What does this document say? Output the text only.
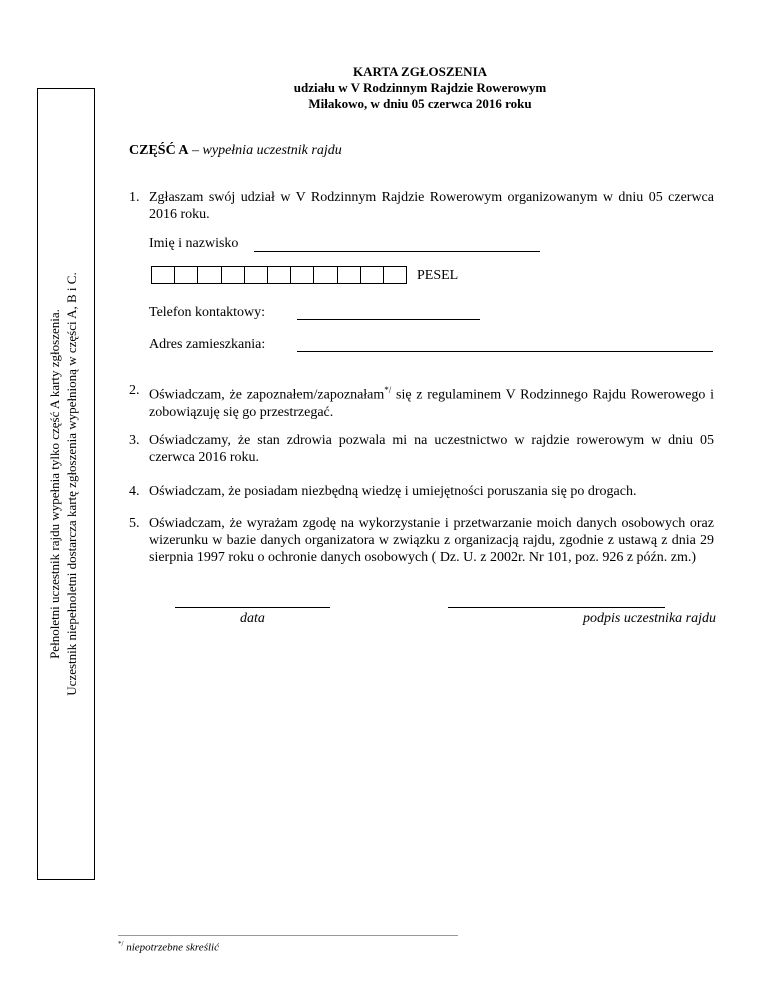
KARTA ZGŁOSZENIA
udziału w V Rodzinnym Rajdzie Rowerowym
Miłakowo, w dniu 05 czerwca 2016 roku
Pełnoletni uczestnik rajdu wypełnia tylko część A karty zgłoszenia. Uczestnik niepełnoletni dostarcza kartę zgłoszenia wypełnioną w części A, B i C.
CZĘŚĆ A – wypełnia uczestnik rajdu
1. Zgłaszam swój udział w V Rodzinnym Rajdzie Rowerowym organizowanym w dniu 05 czerwca 2016 roku.
Imię i nazwisko
PESEL
Telefon kontaktowy:
Adres zamieszkania:
2. Oświadczam, że zapoznałem/zapoznałam*/ się z regulaminem V Rodzinnego Rajdu Rowerowego i zobowiązuję się go przestrzegać.
3. Oświadczamy, że stan zdrowia pozwala mi na uczestnictwo w rajdzie rowerowym w dniu 05 czerwca 2016 roku.
4. Oświadczam, że posiadam niezbędną wiedzę i umiejętności poruszania się po drogach.
5. Oświadczam, że wyrażam zgodę na wykorzystanie i przetwarzanie moich danych osobowych oraz wizerunku w bazie danych organizatora w związku z organizacją rajdu, zgodnie z ustawą z dnia 29 sierpnia 1997 roku o ochronie danych osobowych ( Dz. U. z 2002r. Nr 101, poz. 926 z późn. zm.)
data	podpis uczestnika rajdu
*/ niepotrzebne skreślić
